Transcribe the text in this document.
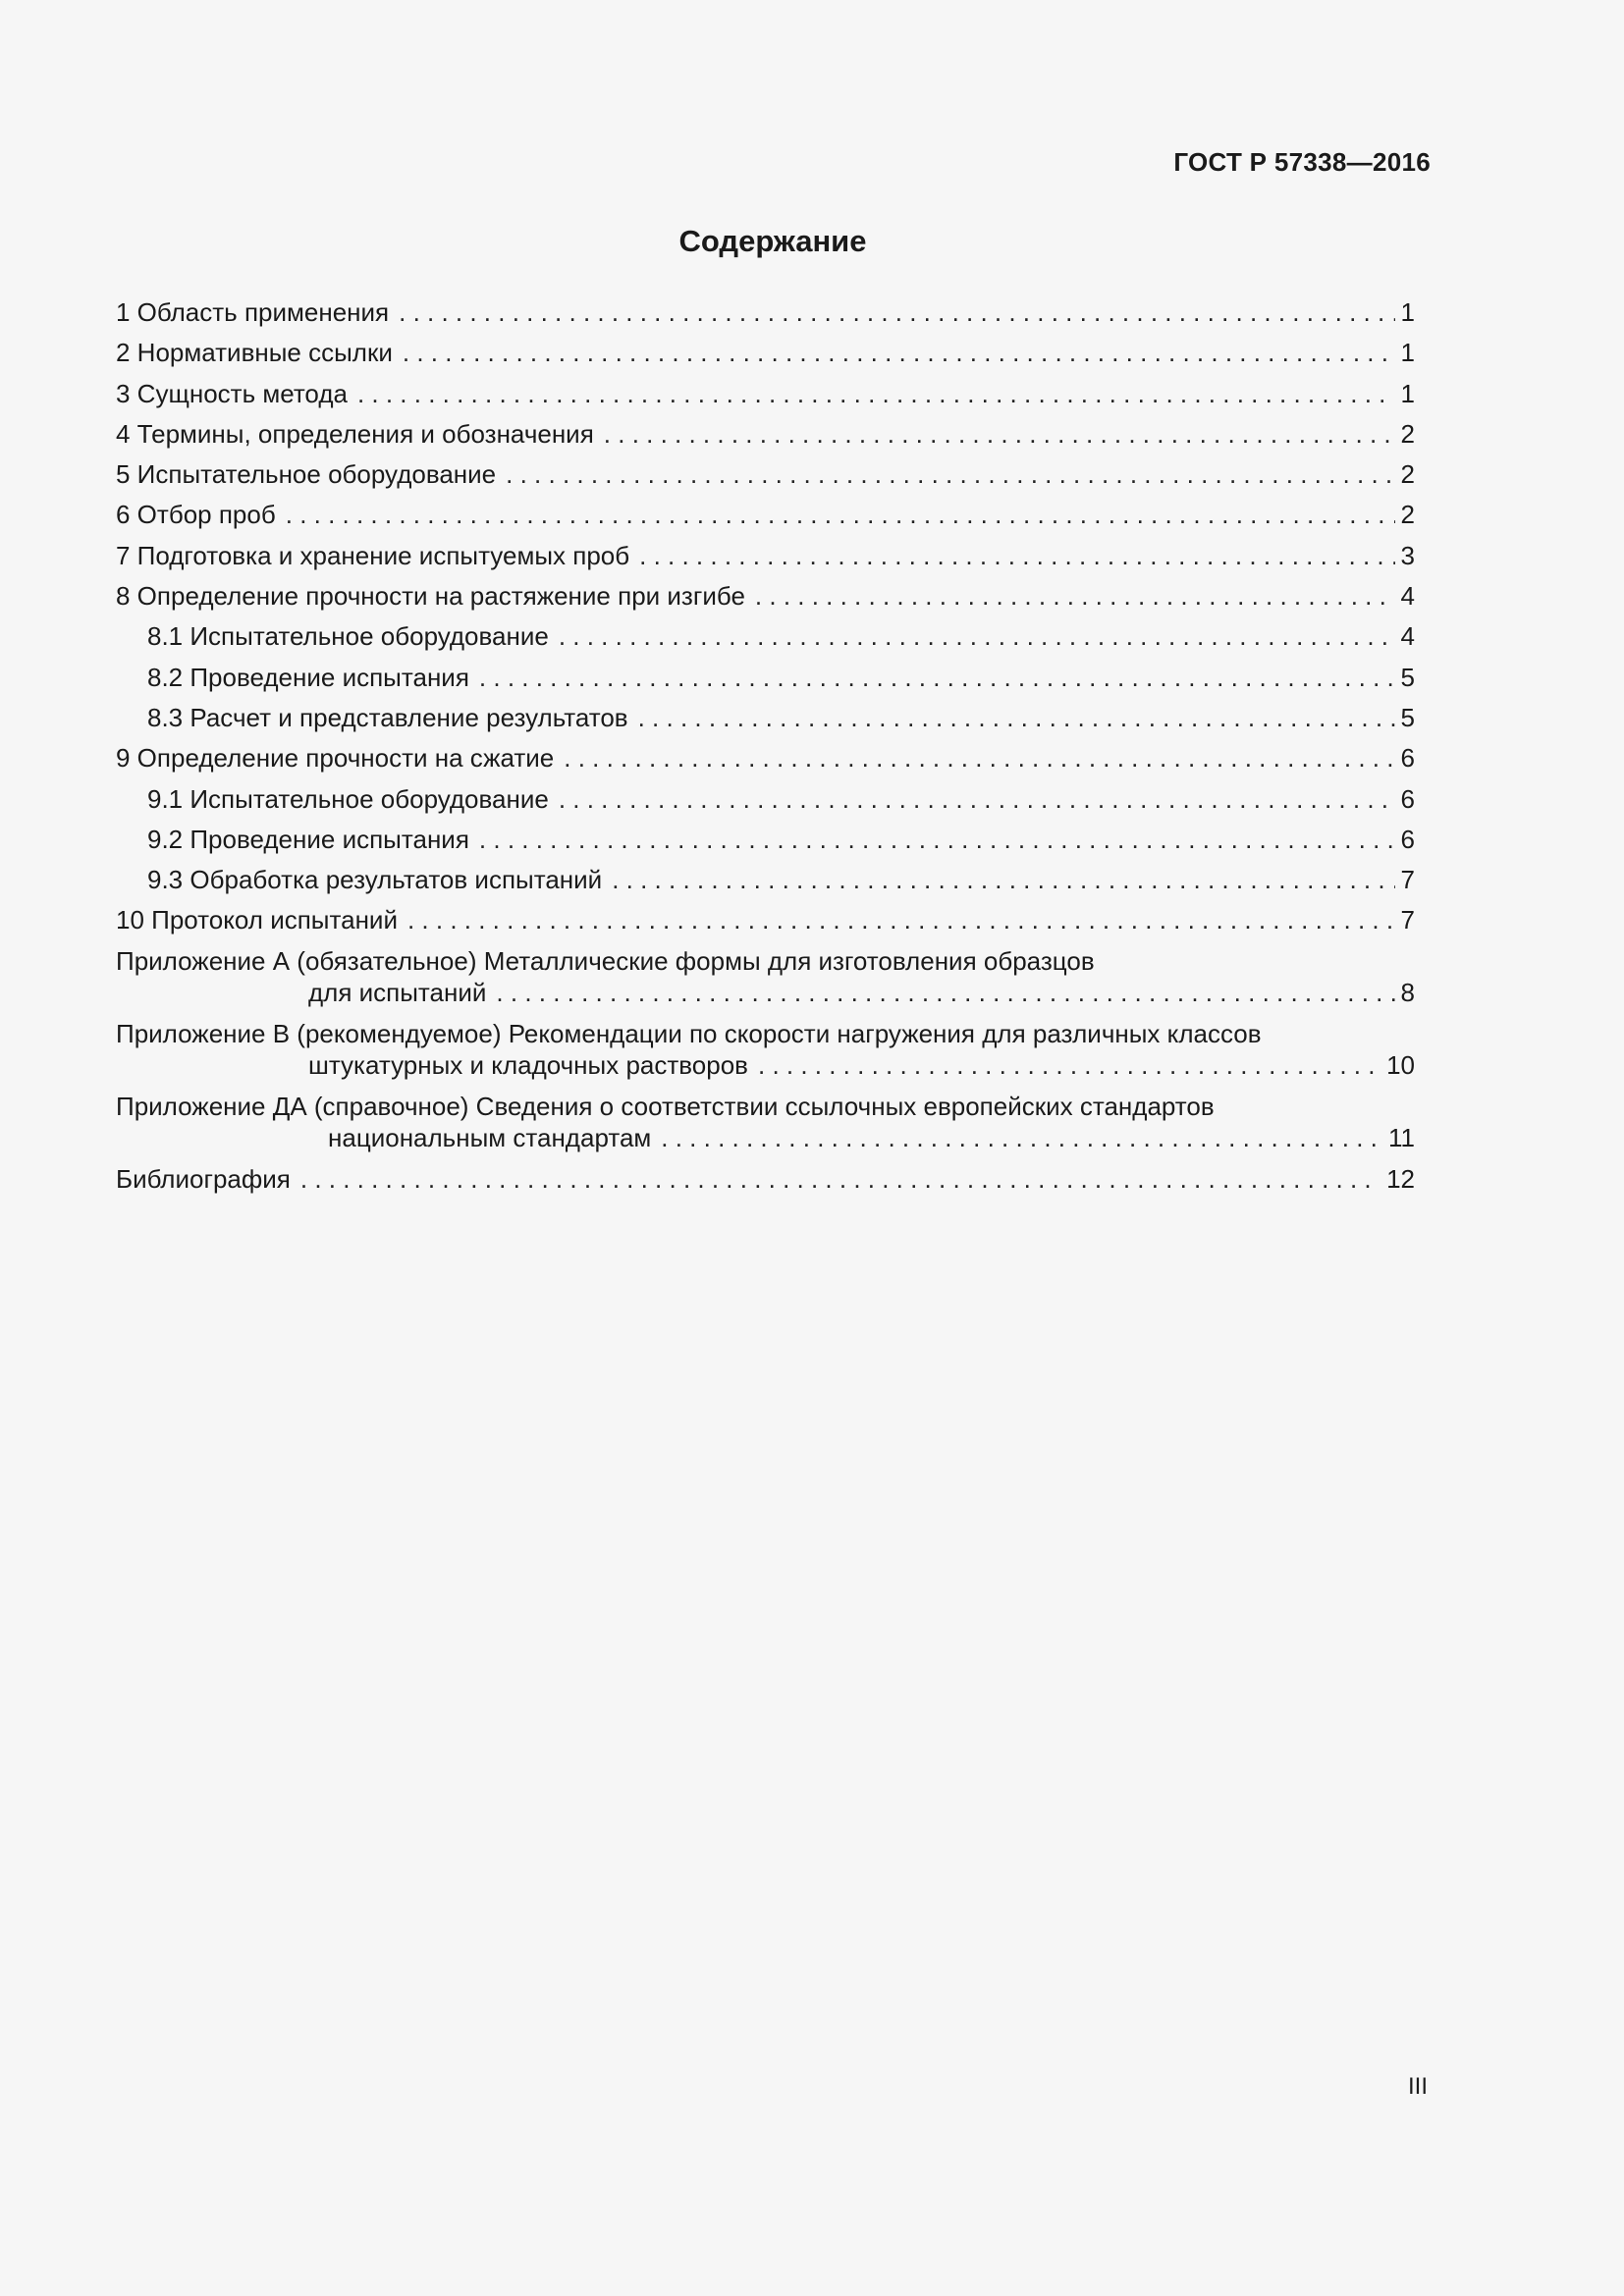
ГОСТ Р 57338—2016
Содержание
1 Область применения . . .	1
2 Нормативные ссылки . . .	1
3 Сущность метода . . .	1
4 Термины, определения и обозначения . . .	2
5 Испытательное оборудование . . .	2
6 Отбор проб . . .	2
7 Подготовка и хранение испытуемых проб . . .	3
8 Определение прочности на растяжение при изгибе . . .	4
8.1 Испытательное оборудование . . .	4
8.2 Проведение испытания . . .	5
8.3 Расчет и представление результатов . . .	5
9 Определение прочности на сжатие . . .	6
9.1 Испытательное оборудование . . .	6
9.2 Проведение испытания . . .	6
9.3 Обработка результатов испытаний . . .	7
10 Протокол испытаний . . .	7
Приложение А (обязательное) Металлические формы для изготовления образцов
для испытаний . . .	8
Приложение В (рекомендуемое) Рекомендации по скорости нагружения для различных классов
штукатурных и кладочных растворов . . .	10
Приложение ДА (справочное) Сведения о соответствии ссылочных европейских стандартов
национальным стандартам . . .	11
Библиография . . .	12
III
